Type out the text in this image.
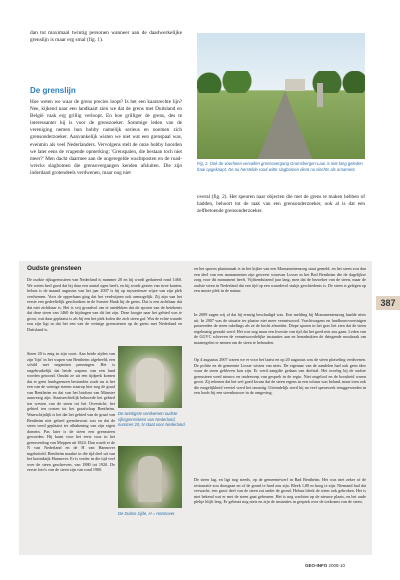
dan tot maximaal twintig personen wanneer aan de daadwerkelijke grenslijn is maar erg smal (fig. 1).
De grenslijn
Hoe weten we waar de grens precies loopt? Is het een kaarsrechte lijn? Nee, kijkend naar een landkaart zien we dat de grens met Duitsland en België vaak erg grillig verloopt. En hoe grilliger de grens, des te interessanter hij is voor de grenszoeker. Sommige leden van de vereniging nemen hun hobby namelijk serieus en noemen zich grensonderzoeker. Aanvankelijk wisten we niet wat een grenspaal was, evenmin als veel Nederlanders. Vervolgens stelt de onze hobby hoorden we later eens de vragende opmerking: 'Grenspalen, die bestaan toch niet meer?' Men dacht daarmee aan de ongeregelde wachtposten en de road-wrecks slagbomen die grensovergangen kenden afsluiten. Die zijn inderdaad grotendeels verdwenen, maar nog niet
Fig. 2. Ook de voorheen vervallen grensovergang Gramsbergen-Laar is niet lang geleden fraai opgeknapt. De nu herstelde rood-witte slagbomen dient nu slechts als ornament.
overal (fig. 2). Het speuren naar objecten die met de grens te maken hebben of hadden, behoort tot de taak van een grensonderzoeker, ook al is dat een zelfbetoende grensonderzoeker.
Oudste grensteen
De oudste rijksgrenssteen van Nederland is nummer 20 en hij wordt gedateerd rond 1460. We weten heel goed dat hij daar een aantal ogen heeft, en hij wordt gezien van twee kanten, helaas is de maand augustus van het jaar 2007 is hij op mysterieuze wijze van zijn plek verdwenen. Voor de opperhaan ging dat het verdwijnen ook onmogelijk. Zij zijn van het eerste een gedeeltelijk geschonken in de Soester Hank bij de grens. Dat is een zichtbaar dat dat niet zichtbaar is. Het is vrij grondvol om te ontdekken dat de sporen van de betekenis dat deze steen van 1460 de bijdragen van dit het zijn. Deze hoogte naar het gebied was te groot, wat daar geplaatst is als bij een het plek kolen die zich steen gaf. Wat de echte waarde zou zijn ligt in dat het een van de weinige grensstenen op de grens met Nederland en Duitsland is.
Steen 20 is enig in zijn soort. Aan beide zijden van zijn 'lijst' in het wapen van Bentheim afgebeeld, een schild met negentien penningen. Het is ongebruikelijk dat beide wapens van een land worden getoond. Omdat ze uit een tijdperk komen dat er geen landsgrenzen bestonden zoals nu is het een van de weinige stenen waarop hier nog de graaf van Bentheim en dat van het bisdom van Münster aanwezig zijn. Staatsrechtelijk behoorde het gebied ten westen van de steen tot het Oversticht, het gebied ten oosten tot het graafschap Bentheim. Waarschijnlijk is het dat het gebied van de graaf van Bentheim niet geheel grensbewust was en dat de steen werd geplaatst ter afbakening van zijn eigen domein. Pas later is de steen een grenssteen geworden. Hij komt voor het eerst voor in het grensverdrag van Meppen uit 1824. Dan wordt er de N van Nederland en de H van Hannover ingebeiteld. Bentheim maakte in die tijd deel uit van het koninkrijk Hannover. Er is verder in die tijd veel over de steen geschreven, van 1880 tot 1920. De eerste foto's van de steen zijn van rond 1900.
De twintigste verdwenen oudste rijksgrenssteen van Nederland, nummer 20, N staat voor Nederland.
De Duitse zijde, H = Hannover.
en het sporen plaatsmaak is in het kijker van een Monumentenzorg staat gemeld, en het steen zou dan een deel van een monumenten zijn geweest waarvan Losser in het Bed Bentheim die de dagelijkse zorg voor dit monument heeft. Vijftienduizend jaar lang, men dat de bezoeker van de steen, maar de oudste steen in Nederland dat een tijd op een waardevol stukje geschiedenis is. De steen is gelegen op een mooie plek in de natuur.
In 2009 zagen wij al dat hij ernstig beschadigd was. Een melding bij Monumentenzorg haalde niets uit. In 2007 was de situatie ter plaatse niet meer verantwoord. Vrachtwagens en landbouwvoertuigen passeerden de steen rakelings als ze de bocht afsneden. Diepe sporen in het gras liet zien dat de steen regelmatig geraakt werd. Het was nog maar een kwestie van tijd dat het goed mis zou gaan. Leden van de GGVC schreven de verantwoordelijke instanties aan en benadrukten de dringende noodzaak om maatregelen te nemen om de steen te behouden.
Op 4 augustus 2007 waren we er voor het laatst en op 20 augustus was de steen plotseling verdwenen. De politie en de gemeente Losser wisten van niets. De eigenaar van de aandelen had ook geen idee waar de steen gebleven kon zijn. Er werd aangifte gedaan van diefstal. Het overleg bij de oudste grenssteen werd nieuws en onderwerp van gesprek in de regio. Niet ongeloof en de boosheid waren groot. Zij rekenen dat het wel goed kwam dat de steen ergens in een schuur was beland, maar toen ook die mogelijkheid verviel werd het onrustig. Uiteindelijk werd hij na veel speurwerk teruggevonden in een loods bij een steenhouwer in de omgeving.
De steen lag, en ligt nog steeds, op de gemeentewerf in Bad Bentheim. Het was niet zeker of de restauratie zou doorgaan en of de grond te hard zou zijn. Bleek 1,80 m hoog te zijn. Niemand had dat verwacht; een groot deel van de steen zat onder de grond. Helaas bleek de steen ook gebroken. Het is niet bekend wat er met de steen gaat gebeuren. Het is nog wachten op de nieuwe plaats, en het oude plekje blijft leeg. Er gebeurt nog niets en zijn de instanties in gesprek over de toekomst van de steen.
387
GEO-INFO 2008-10
